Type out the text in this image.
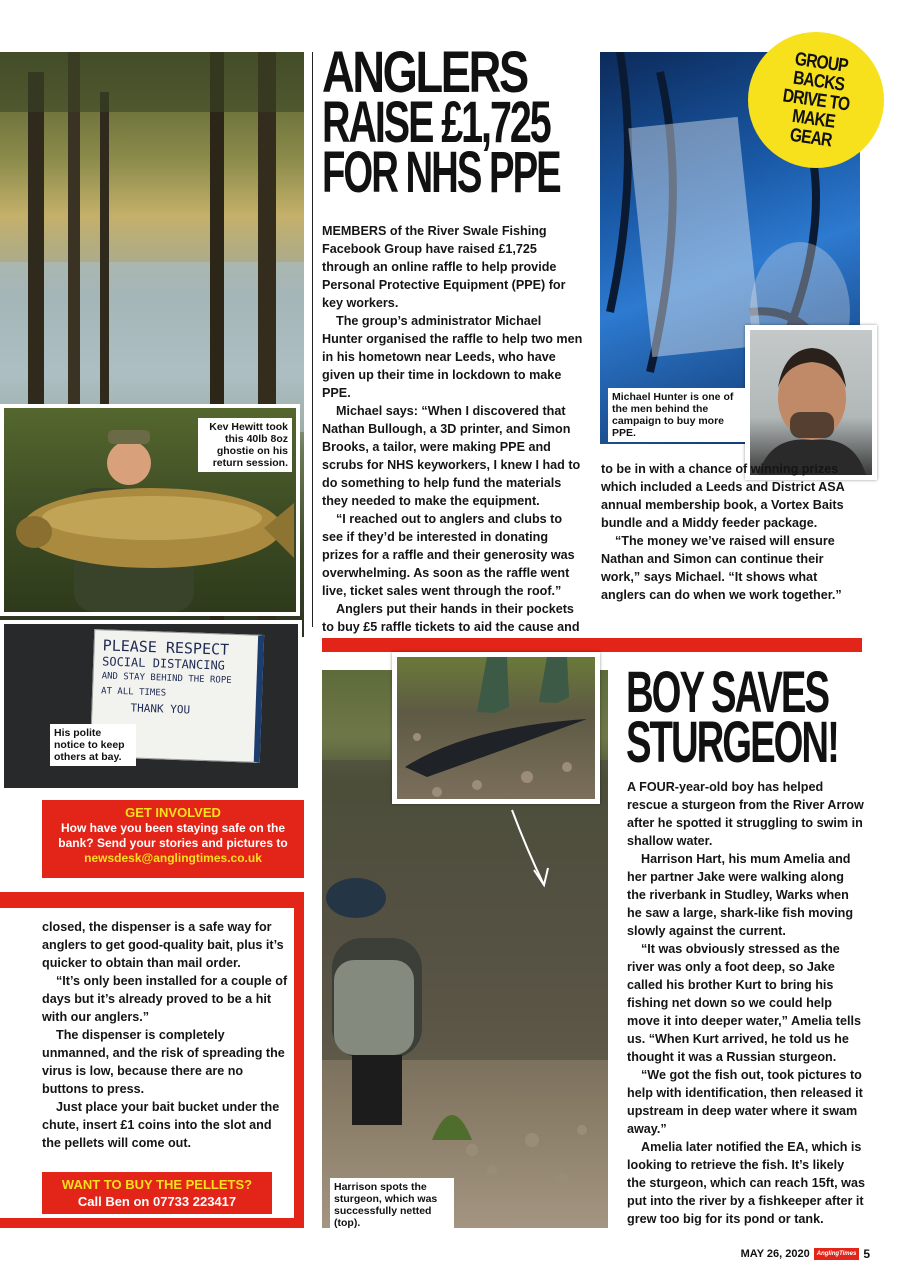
Kev Hewitt took this 40lb 8oz ghostie on his return session.
PLEASE RESPECT
SOCIAL DISTANCING
AND STAY BEHIND THE ROPE
AT ALL TIMES
THANK YOU
His polite notice to keep others at bay.
GET INVOLVED
How have you been staying safe on the
bank? Send your stories and pictures to
newsdesk@anglingtimes.co.uk

closed, the dispenser is a safe way for anglers to get good-quality bait, plus it’s quicker to obtain than mail order.

“It’s only been installed for a couple of days but it’s already proved to be a hit with our anglers.”

The dispenser is completely unmanned, and the risk of spreading the virus is low, because there are no buttons to press.

Just place your bait bucket under the chute, insert £1 coins into the slot and the pellets will come out.

WANT TO BUY THE PELLETS?
Call Ben on 07733 223417
ANGLERS
RAISE £1,725
FOR NHS PPE

MEMBERS of the River Swale Fishing Facebook Group have raised £1,725 through an online raffle to help provide Personal Protective Equipment (PPE) for key workers.

The group’s administrator Michael Hunter organised the raffle to help two men in his hometown near Leeds, who have given up their time in lockdown to make PPE.

Michael says: “When I discovered that Nathan Bullough, a 3D printer, and Simon Brooks, a tailor, were making PPE and scrubs for NHS keyworkers, I knew I had to do something to help fund the materials they needed to make the equipment.

“I reached out to anglers and clubs to see if they’d be interested in donating prizes for a raffle and their generosity was overwhelming. As soon as the raffle went live, ticket sales went through the roof.”

Anglers put their hands in their pockets to buy £5 raffle tickets to aid the cause and

GROUP BACKS DRIVE TO MAKE GEAR
Michael Hunter is one of the men behind the campaign to buy more PPE.

to be in with a chance of winning prizes which included a Leeds and District ASA annual membership book, a Vortex Baits bundle and a Middy feeder package.

“The money we’ve raised will ensure Nathan and Simon can continue their work,” says Michael. “It shows what anglers can do when we work together.”

Harrison spots the sturgeon, which was successfully netted (top).
BOY SAVES
STURGEON!

A FOUR-year-old boy has helped rescue a sturgeon from the River Arrow after he spotted it struggling to swim in shallow water.

Harrison Hart, his mum Amelia and her partner Jake were walking along the riverbank in Studley, Warks when he saw a large, shark-like fish moving slowly against the current.

“It was obviously stressed as the river was only a foot deep, so Jake called his brother Kurt to bring his fishing net down so we could help move it into deeper water,” Amelia tells us. “When Kurt arrived, he told us he thought it was a Russian sturgeon.

“We got the fish out, took pictures to help with identification, then released it upstream in deep water where it swam away.”

Amelia later notified the EA, which is looking to retrieve the fish. It’s likely the sturgeon, which can reach 15ft, was put into the river by a fishkeeper after it grew too big for its pond or tank.

MAY 26, 2020	AnglingTimes 5
